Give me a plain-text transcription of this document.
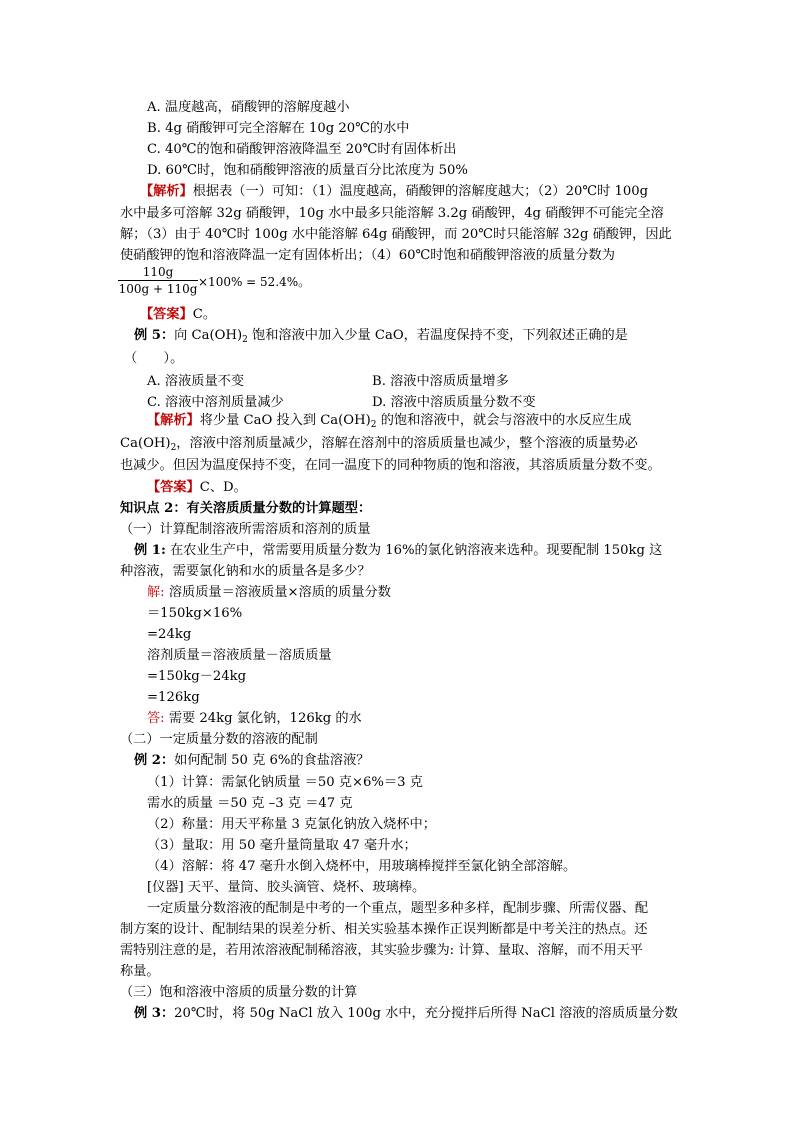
A. 温度越高，硝酸钾的溶解度越小
B. 4g 硝酸钾可完全溶解在 10g 20℃的水中
C. 40℃的饱和硝酸钾溶液降温至 20℃时有固体析出
D. 60℃时，饱和硝酸钾溶液的质量百分比浓度为 50%
【解析】根据表（一）可知：（1）温度越高，硝酸钾的溶解度越大；（2）20℃时 100g
水中最多可溶解 32g 硝酸钾，10g 水中最多只能溶解 3.2g 硝酸钾，4g 硝酸钾不可能完全溶
解；（3）由于 40℃时 100g 水中能溶解 64g 硝酸钾，而 20℃时只能溶解 32g 硝酸钾，因此
使硝酸钾的饱和溶液降温一定有固体析出；（4）60℃时饱和硝酸钾溶液的质量分数为
110g
100g + 110g ×100% = 52.4%。
【答案】C。
例 5：向 $Ca(OH)_2$ 饱和溶液中加入少量 CaO，若温度保持不变，下列叙述正确的是
（　　）。
A. 溶液质量不变	B. 溶液中溶质质量增多
C. 溶液中溶剂质量减少	D. 溶液中溶质质量分数不变
【解析】将少量 CaO 投入到 $Ca(OH)_2$ 的饱和溶液中，就会与溶液中的水反应生成
$Ca(OH)_2$，溶液中溶剂质量减少，溶解在溶剂中的溶质质量也减少，整个溶液的质量势必
也减少。但因为温度保持不变，在同一温度下的同种物质的饱和溶液，其溶质质量分数不变。
【答案】C、D。
知识点 2：有关溶质质量分数的计算题型：
（一）计算配制溶液所需溶质和溶剂的质量
例 1: 在农业生产中，常需要用质量分数为 16%的氯化钠溶液来选种。现要配制 150kg 这
种溶液，需要氯化钠和水的质量各是多少？
解: 溶质质量＝溶液质量×溶质的质量分数
＝150kg×16%
=24kg
溶剂质量＝溶液质量－溶质质量
=150kg－24kg
=126kg
答: 需要 24kg 氯化钠，126kg 的水
（二）一定质量分数的溶液的配制
例 2：如何配制 50 克 6%的食盐溶液？
（1）计算：需氯化钠质量 ＝50 克×6%＝3 克
需水的质量 ＝50 克 –3 克 ＝47 克
（2）称量：用天平称量 3 克氯化钠放入烧杯中；
（3）量取：用 50 毫升量筒量取 47 毫升水；
（4）溶解：将 47 毫升水倒入烧杯中，用玻璃棒搅拌至氯化钠全部溶解。
[仪器] 天平、量筒、胶头滴管、烧杯、玻璃棒。
一定质量分数溶液的配制是中考的一个重点，题型多种多样，配制步骤、所需仪器、配
制方案的设计、配制结果的误差分析、相关实验基本操作正误判断都是中考关注的热点。还
需特别注意的是，若用浓溶液配制稀溶液，其实验步骤为: 计算、量取、溶解，而不用天平
称量。
（三）饱和溶液中溶质的质量分数的计算
例 3：20℃时，将 50g NaCl 放入 100g 水中，充分搅拌后所得 NaCl 溶液的溶质质量分数
